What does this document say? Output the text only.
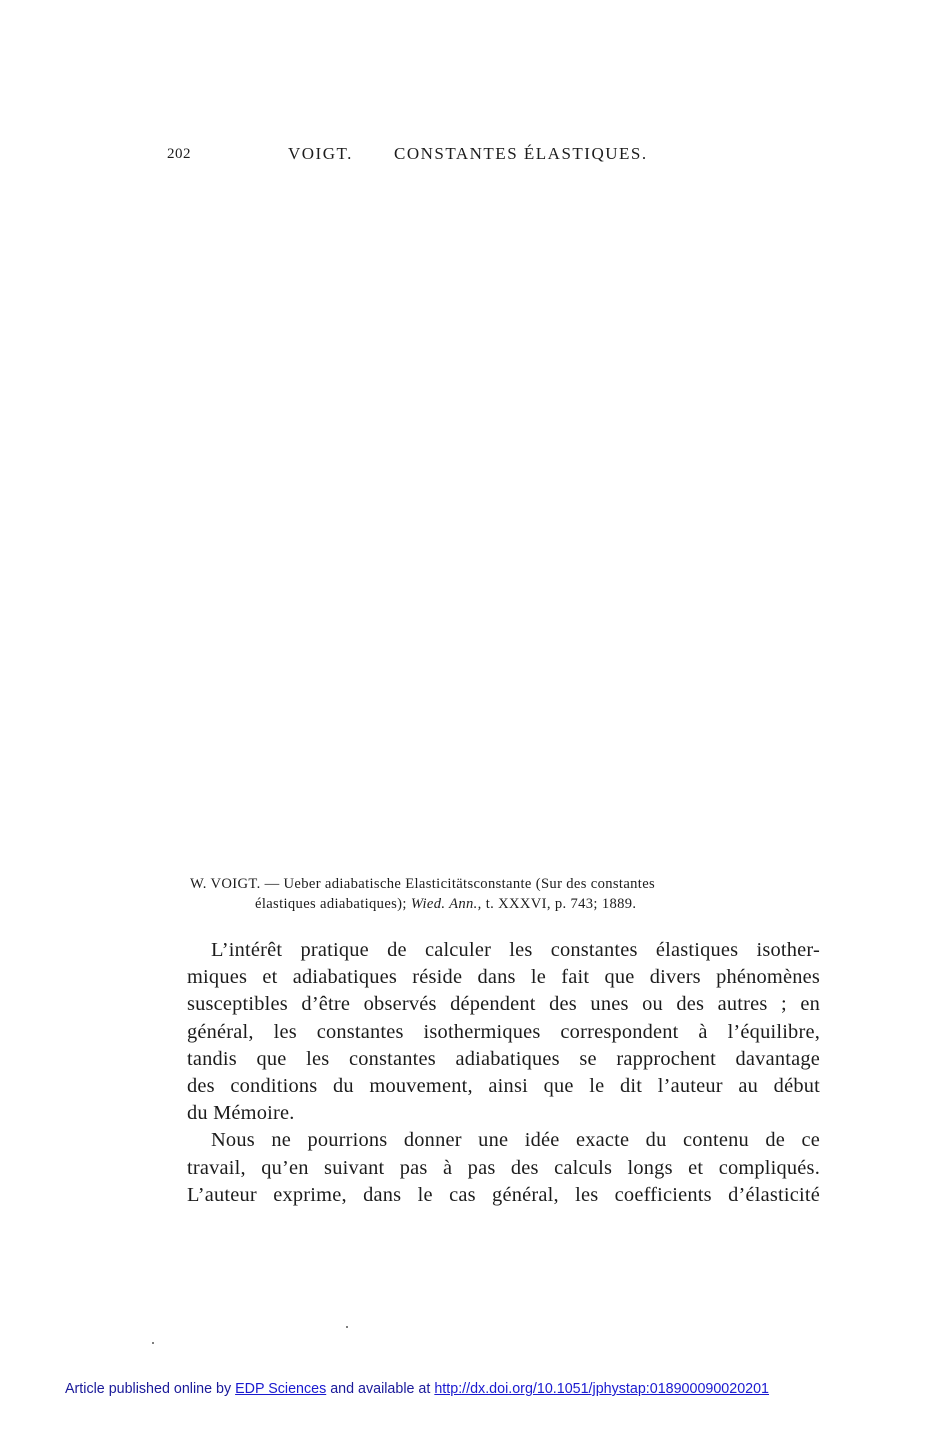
202	VOIGT. CONSTANTES ÉLASTIQUES.
W. VOIGT. — Ueber adiabatische Elasticitätsconstante (Sur des constantes
élastiques adiabatiques); Wied. Ann., t. XXXVI, p. 743; 1889.

L’intérêt pratique de calculer les constantes élastiques isother-
miques et adiabatiques réside dans le fait que divers phénomènes
susceptibles d’être observés dépendent des unes ou des autres ; en
général, les constantes isothermiques correspondent à l’équilibre,
tandis que les constantes adiabatiques se rapprochent davantage
des conditions du mouvement, ainsi que le dit l’auteur au début
du Mémoire.

Nous ne pourrions donner une idée exacte du contenu de ce
travail, qu’en suivant pas à pas des calculs longs et compliqués.
L’auteur exprime, dans le cas général, les coefficients d’élasticité

Article published online by EDP Sciences and available at http://dx.doi.org/10.1051/jphystap:018900090020201
